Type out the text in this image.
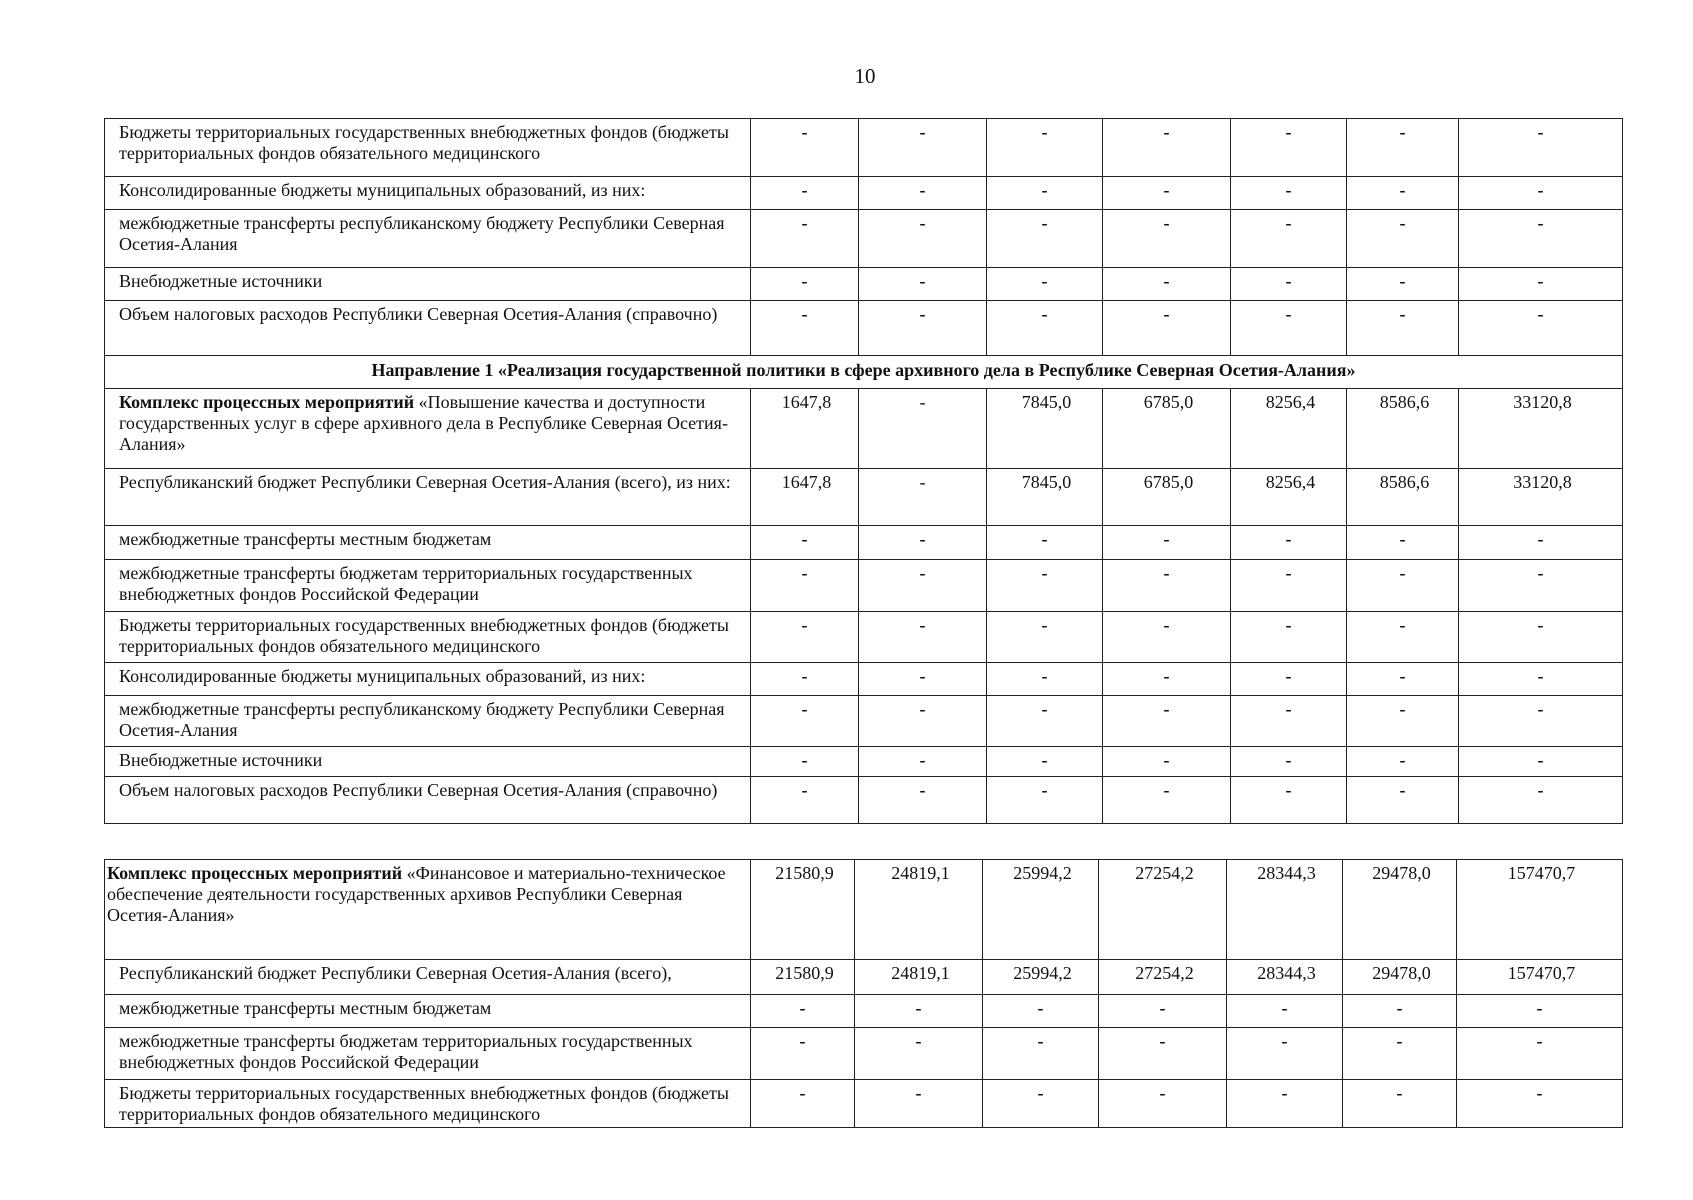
10
Бюджеты территориальных государственных внебюджетных фондов (бюджеты территориальных фондов обязательного медицинского	-	-	-	-	-	-	-
Консолидированные бюджеты муниципальных образований, из них:	-	-	-	-	-	-	-
межбюджетные трансферты республиканскому бюджету Республики Северная Осетия-Алания	-	-	-	-	-	-	-
Внебюджетные источники	-	-	-	-	-	-	-
Объем налоговых расходов Республики Северная Осетия-Алания (справочно)	-	-	-	-	-	-	-
Направление 1 «Реализация государственной политики в сфере архивного дела в Республике Северная Осетия-Алания»							
Комплекс процессных мероприятий «Повышение качества и доступности государственных услуг в сфере архивного дела в Республике Северная Осетия-Алания»	1647,8	-	7845,0	6785,0	8256,4	8586,6	33120,8
Республиканский бюджет Республики Северная Осетия-Алания (всего), из них:	1647,8	-	7845,0	6785,0	8256,4	8586,6	33120,8
межбюджетные трансферты местным бюджетам	-	-	-	-	-	-	-
межбюджетные трансферты бюджетам территориальных государственных внебюджетных фондов Российской Федерации	-	-	-	-	-	-	-
Бюджеты территориальных государственных внебюджетных фондов (бюджеты территориальных фондов обязательного медицинского	-	-	-	-	-	-	-
Консолидированные бюджеты муниципальных образований, из них:	-	-	-	-	-	-	-
межбюджетные трансферты республиканскому бюджету Республики Северная Осетия-Алания	-	-	-	-	-	-	-
Внебюджетные источники	-	-	-	-	-	-	-
Объем налоговых расходов Республики Северная Осетия-Алания (справочно)	-	-	-	-	-	-	-
Комплекс процессных мероприятий «Финансовое и материально-техническое обеспечение деятельности государственных архивов Республики Северная Осетия-Алания»	21580,9	24819,1	25994,2	27254,2	28344,3	29478,0	157470,7
Республиканский бюджет Республики Северная Осетия-Алания (всего),	21580,9	24819,1	25994,2	27254,2	28344,3	29478,0	157470,7
межбюджетные трансферты местным бюджетам	-	-	-	-	-	-	-
межбюджетные трансферты бюджетам территориальных государственных внебюджетных фондов Российской Федерации	-	-	-	-	-	-	-
Бюджеты территориальных государственных внебюджетных фондов (бюджеты территориальных фондов обязательного медицинского	-	-	-	-	-	-	-
